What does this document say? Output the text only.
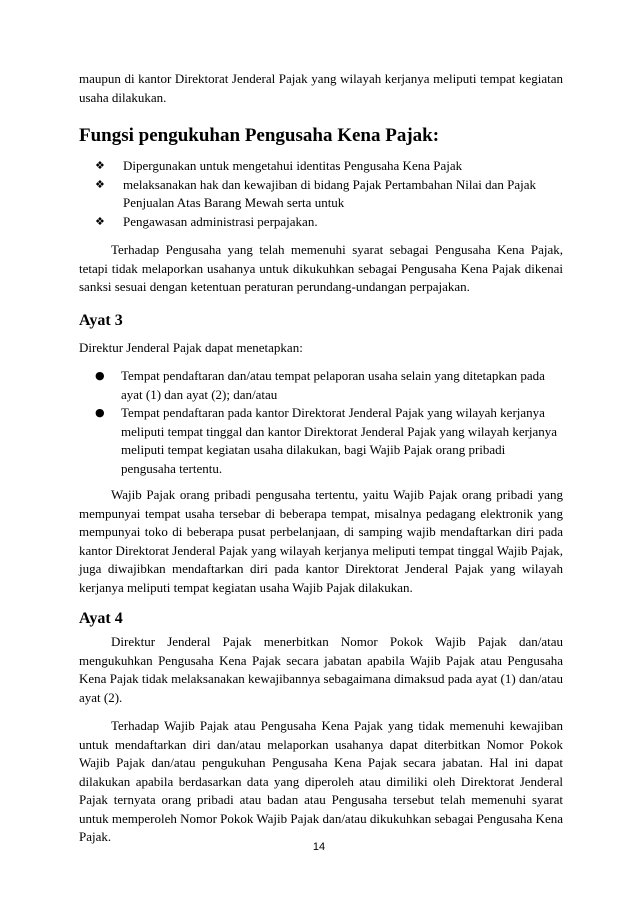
maupun di kantor Direktorat Jenderal Pajak yang wilayah kerjanya meliputi tempat kegiatan usaha dilakukan.

Fungsi pengukuhan Pengusaha Kena Pajak:
❖ Dipergunakan untuk mengetahui identitas Pengusaha Kena Pajak
❖ melaksanakan hak dan kewajiban di bidang Pajak Pertambahan Nilai dan Pajak Penjualan Atas Barang Mewah serta untuk
❖ Pengawasan administrasi perpajakan.

Terhadap Pengusaha yang telah memenuhi syarat sebagai Pengusaha Kena Pajak, tetapi tidak melaporkan usahanya untuk dikukuhkan sebagai Pengusaha Kena Pajak dikenai sanksi sesuai dengan ketentuan peraturan perundang-undangan perpajakan.

Ayat 3

Direktur Jenderal Pajak dapat menetapkan:

● Tempat pendaftaran dan/atau tempat pelaporan usaha selain yang ditetapkan pada ayat (1) dan ayat (2); dan/atau
● Tempat pendaftaran pada kantor Direktorat Jenderal Pajak yang wilayah kerjanya meliputi tempat tinggal dan kantor Direktorat Jenderal Pajak yang wilayah kerjanya meliputi tempat kegiatan usaha dilakukan, bagi Wajib Pajak orang pribadi pengusaha tertentu.

Wajib Pajak orang pribadi pengusaha tertentu, yaitu Wajib Pajak orang pribadi yang mempunyai tempat usaha tersebar di beberapa tempat, misalnya pedagang elektronik yang mempunyai toko di beberapa pusat perbelanjaan, di samping wajib mendaftarkan diri pada kantor Direktorat Jenderal Pajak yang wilayah kerjanya meliputi tempat tinggal Wajib Pajak, juga diwajibkan mendaftarkan diri pada kantor Direktorat Jenderal Pajak yang wilayah kerjanya meliputi tempat kegiatan usaha Wajib Pajak dilakukan.

Ayat 4

Direktur Jenderal Pajak menerbitkan Nomor Pokok Wajib Pajak dan/atau mengukuhkan Pengusaha Kena Pajak secara jabatan apabila Wajib Pajak atau Pengusaha Kena Pajak tidak melaksanakan kewajibannya sebagaimana dimaksud pada ayat (1) dan/atau ayat (2).

Terhadap Wajib Pajak atau Pengusaha Kena Pajak yang tidak memenuhi kewajiban untuk mendaftarkan diri dan/atau melaporkan usahanya dapat diterbitkan Nomor Pokok Wajib Pajak dan/atau pengukuhan Pengusaha Kena Pajak secara jabatan. Hal ini dapat dilakukan apabila berdasarkan data yang diperoleh atau dimiliki oleh Direktorat Jenderal Pajak ternyata orang pribadi atau badan atau Pengusaha tersebut telah memenuhi syarat untuk memperoleh Nomor Pokok Wajib Pajak dan/atau dikukuhkan sebagai Pengusaha Kena Pajak.

14
